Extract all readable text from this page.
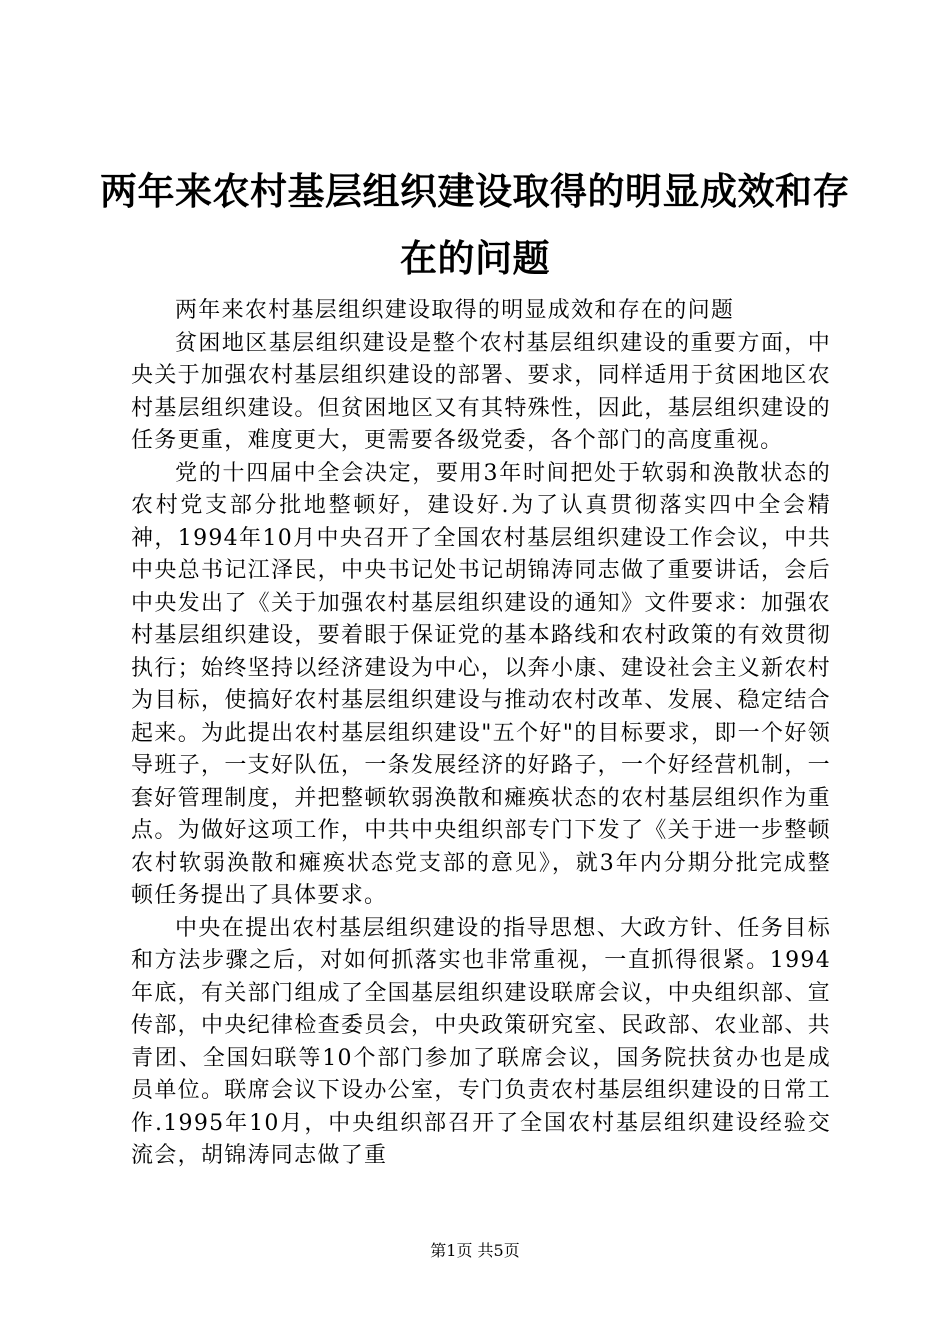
两年来农村基层组织建设取得的明显成效和存在的问题

两年来农村基层组织建设取得的明显成效和存在的问题

贫困地区基层组织建设是整个农村基层组织建设的重要方面，中央关于加强农村基层组织建设的部署、要求，同样适用于贫困地区农村基层组织建设。但贫困地区又有其特殊性，因此，基层组织建设的任务更重，难度更大，更需要各级党委，各个部门的高度重视。

党的十四届中全会决定，要用3年时间把处于软弱和涣散状态的农村党支部分批地整顿好，建设好.为了认真贯彻落实四中全会精神，1994年10月中央召开了全国农村基层组织建设工作会议，中共中央总书记江泽民，中央书记处书记胡锦涛同志做了重要讲话，会后中央发出了《关于加强农村基层组织建设的通知》文件要求：加强农村基层组织建设，要着眼于保证党的基本路线和农村政策的有效贯彻执行；始终坚持以经济建设为中心，以奔小康、建设社会主义新农村为目标，使搞好农村基层组织建设与推动农村改革、发展、稳定结合起来。为此提出农村基层组织建设"五个好"的目标要求，即一个好领导班子，一支好队伍，一条发展经济的好路子，一个好经营机制，一套好管理制度，并把整顿软弱涣散和瘫痪状态的农村基层组织作为重点。为做好这项工作，中共中央组织部专门下发了《关于进一步整顿农村软弱涣散和瘫痪状态党支部的意见》，就3年内分期分批完成整顿任务提出了具体要求。

中央在提出农村基层组织建设的指导思想、大政方针、任务目标和方法步骤之后，对如何抓落实也非常重视，一直抓得很紧。1994年底，有关部门组成了全国基层组织建设联席会议，中央组织部、宣传部，中央纪律检查委员会，中央政策研究室、民政部、农业部、共青团、全国妇联等10个部门参加了联席会议，国务院扶贫办也是成员单位。联席会议下设办公室，专门负责农村基层组织建设的日常工作.1995年10月，中央组织部召开了全国农村基层组织建设经验交流会，胡锦涛同志做了重

第1页 共5页
